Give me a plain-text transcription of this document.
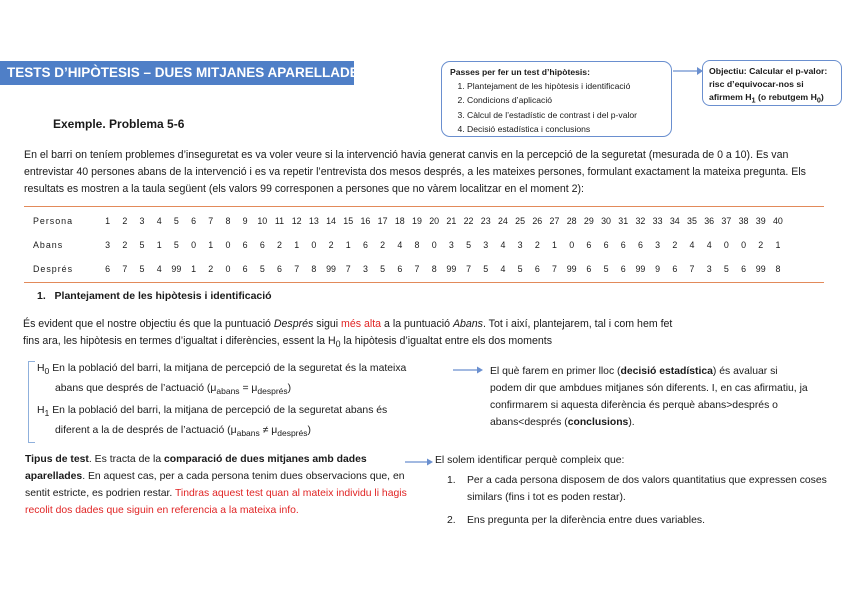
TESTS D’HIPÒTESIS – DUES MITJANES APARELLADES	Passes per fer un test d’hipòtesis:
1. Plantejament de les hipòtesis i identificació
2. Condicions d’aplicació
3. Càlcul de l’estadístic de contrast i del p-valor
4. Decisió estadística i conclusions
Objectiu: Calcular el p-valor: risc d’equivocar-nos si afirmem $H_1$ (o rebutgem $H_0$)
Exemple. Problema 5-6
En el barri on teníem problemes d’inseguretat es va voler veure si la intervenció havia generat canvis en la percepció de la seguretat (mesurada de 0 a 10). Es van entrevistar 40 persones abans de la intervenció i es va repetir l’entrevista dos mesos després, a les mateixes persones, formulant exactament la mateixa pregunta. Els resultats es mostren a la taula següent (els valors 99 corresponen a persones que no vàrem localitzar en el moment 2):
Persona	1	2	3	4	5	6	7	8	9	10	11	12	13	14	15	16	17	18	19	20	21	22	23	24	25	26	27	28	29	30	31	32	33	34	35	36	37	38	39	40
Abans	3	2	5	1	5	0	1	0	6	6	2	1	0	2	1	6	2	4	8	0	3	5	3	4	3	2	1	0	6	6	6	6	3	2	4	4	0	0	2	1
Després	6	7	5	4	99	1	2	0	6	5	6	7	8	99	7	3	5	6	7	8	99	7	5	4	5	6	7	99	6	5	6	99	9	6	7	3	5	6	99	8
1. Plantejament de les hipòtesis i identificació
És evident que el nostre objectiu és que la puntuació Després sigui més alta a la puntuació Abans. Tot i així, plantejarem, tal i com hem fet
fins ara, les hipòtesis en termes d’igualtat i diferències, essent la $H_0$ la hipòtesis d’igualtat entre els dos moments
$H_0$ En la població del barri, la mitjana de percepció de la seguretat és la mateixa
abans que després de l’actuació $(\mu_{abans} = \mu_{després})$
$H_1$ En la població del barri, la mitjana de percepció de la seguretat abans és
diferent a la de després de l’actuació $(\mu_{abans} \ne \mu_{després})$
El què farem en primer lloc (decisió estadística) és avaluar si podem dir que ambdues mitjanes són diferents. I, en cas afirmatiu, ja confirmarem si aquesta diferència és perquè abans>després o abans<després (conclusions).
Tipus de test. Es tracta de la comparació de dues mitjanes amb dades aparellades. En aquest cas, per a cada persona tenim dues observacions que, en sentit estricte, es podrien restar. Tindras aquest test quan al mateix individu li hagis recolit dos dades que siguin en referencia a la mateixa info.
El solem identificar perquè compleix que:
1. Per a cada persona disposem de dos valors quantitatius que expressen coses similars (fins i tot es poden restar).
2. Ens pregunta per la diferència entre dues variables.
